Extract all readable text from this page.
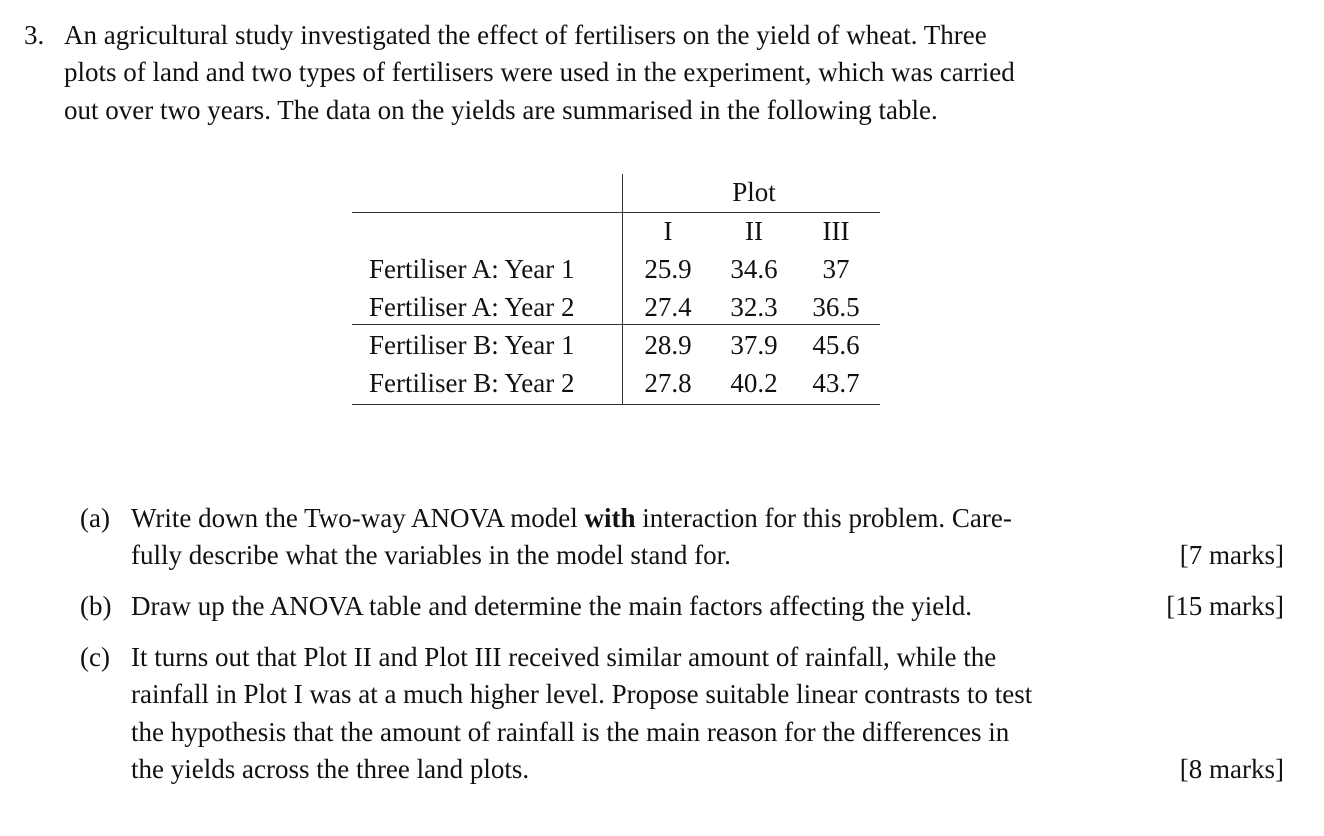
3. An agricultural study investigated the effect of fertilisers on the yield of wheat. Three
plots of land and two types of fertilisers were used in the experiment, which was carried
out over two years. The data on the yields are summarised in the following table.
Plot
I	II	III
Fertiliser A: Year 1	25.9	34.6	37
Fertiliser A: Year 2	27.4	32.3	36.5
Fertiliser B: Year 1	28.9	37.9	45.6
Fertiliser B: Year 2	27.8	40.2	43.7
(a) Write down the Two-way ANOVA model with interaction for this problem. Care-
fully describe what the variables in the model stand for.	[7 marks]
(b) Draw up the ANOVA table and determine the main factors affecting the yield.	[15 marks]
(c) It turns out that Plot II and Plot III received similar amount of rainfall, while the
rainfall in Plot I was at a much higher level. Propose suitable linear contrasts to test
the hypothesis that the amount of rainfall is the main reason for the differences in
the yields across the three land plots.	[8 marks]
